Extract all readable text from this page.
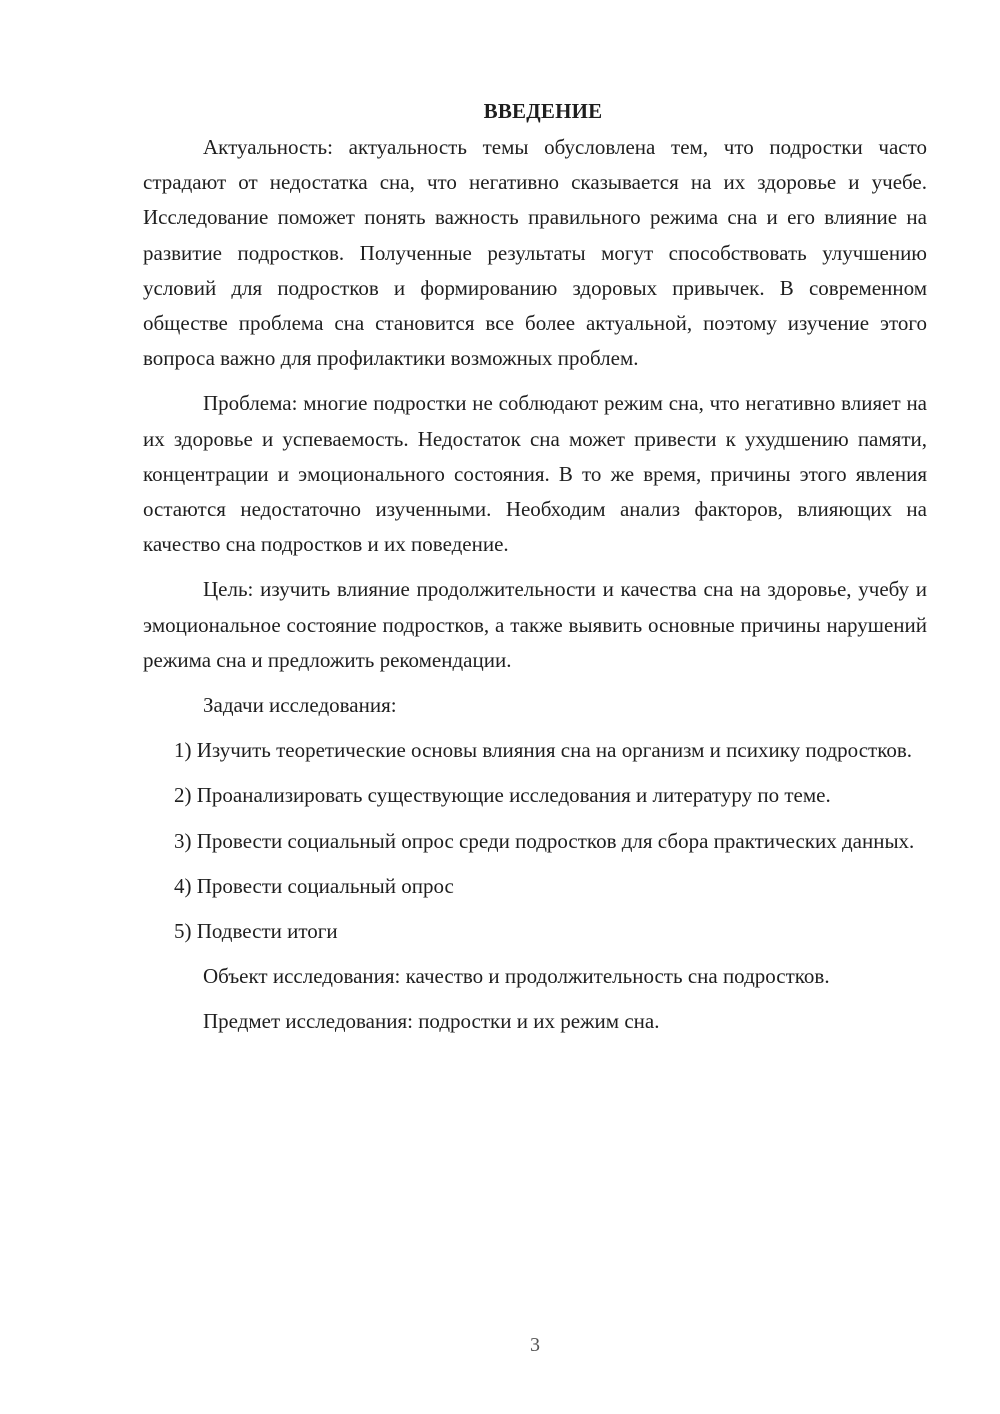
ВВЕДЕНИЕ

Актуальность: актуальность темы обусловлена тем, что подростки часто страдают от недостатка сна, что негативно сказывается на их здоровье и учебе. Исследование поможет понять важность правильного режима сна и его влияние на развитие подростков. Полученные результаты могут способствовать улучшению условий для подростков и формированию здоровых привычек. В современном обществе проблема сна становится все более актуальной, поэтому изучение этого вопроса важно для профилактики возможных проблем.

Проблема: многие подростки не соблюдают режим сна, что негативно влияет на их здоровье и успеваемость. Недостаток сна может привести к ухудшению памяти, концентрации и эмоционального состояния. В то же время, причины этого явления остаются недостаточно изученными. Необходим анализ факторов, влияющих на качество сна подростков и их поведение.

Цель: изучить влияние продолжительности и качества сна на здоровье, учебу и эмоциональное состояние подростков, а также выявить основные причины нарушений режима сна и предложить рекомендации.

Задачи исследования:

1) Изучить теоретические основы влияния сна на организм и психику подростков.

2) Проанализировать существующие исследования и литературу по теме.

3) Провести социальный опрос среди подростков для сбора практических данных.

4) Провести социальный опрос

5) Подвести итоги

Объект исследования: качество и продолжительность сна подростков.

Предмет исследования: подростки и их режим сна.

3
